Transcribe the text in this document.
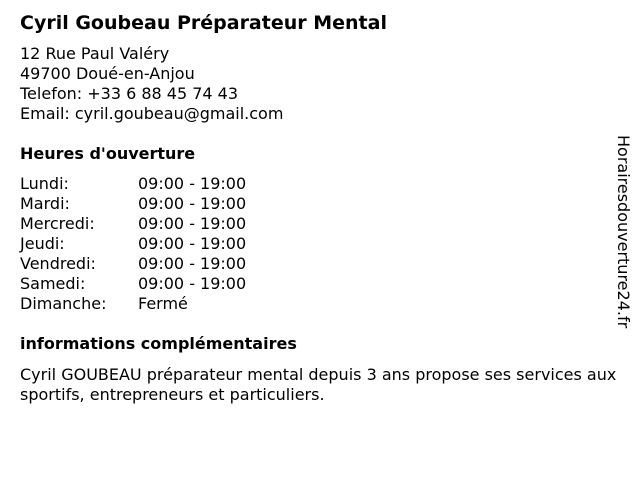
Cyril Goubeau Préparateur Mental
12 Rue Paul Valéry
49700 Doué-en-Anjou
Telefon: +33 6 88 45 74 43
Email: cyril.goubeau@gmail.com
Heures d'ouverture
Lundi:	09:00 - 19:00
Mardi:	09:00 - 19:00
Mercredi:	09:00 - 19:00
Jeudi:	09:00 - 19:00
Vendredi:	09:00 - 19:00
Samedi:	09:00 - 19:00
Dimanche:	Fermé
informations complémentaires
Cyril GOUBEAU préparateur mental depuis 3 ans propose ses services aux sportifs, entrepreneurs et particuliers.
Horairesdouverture24.fr
